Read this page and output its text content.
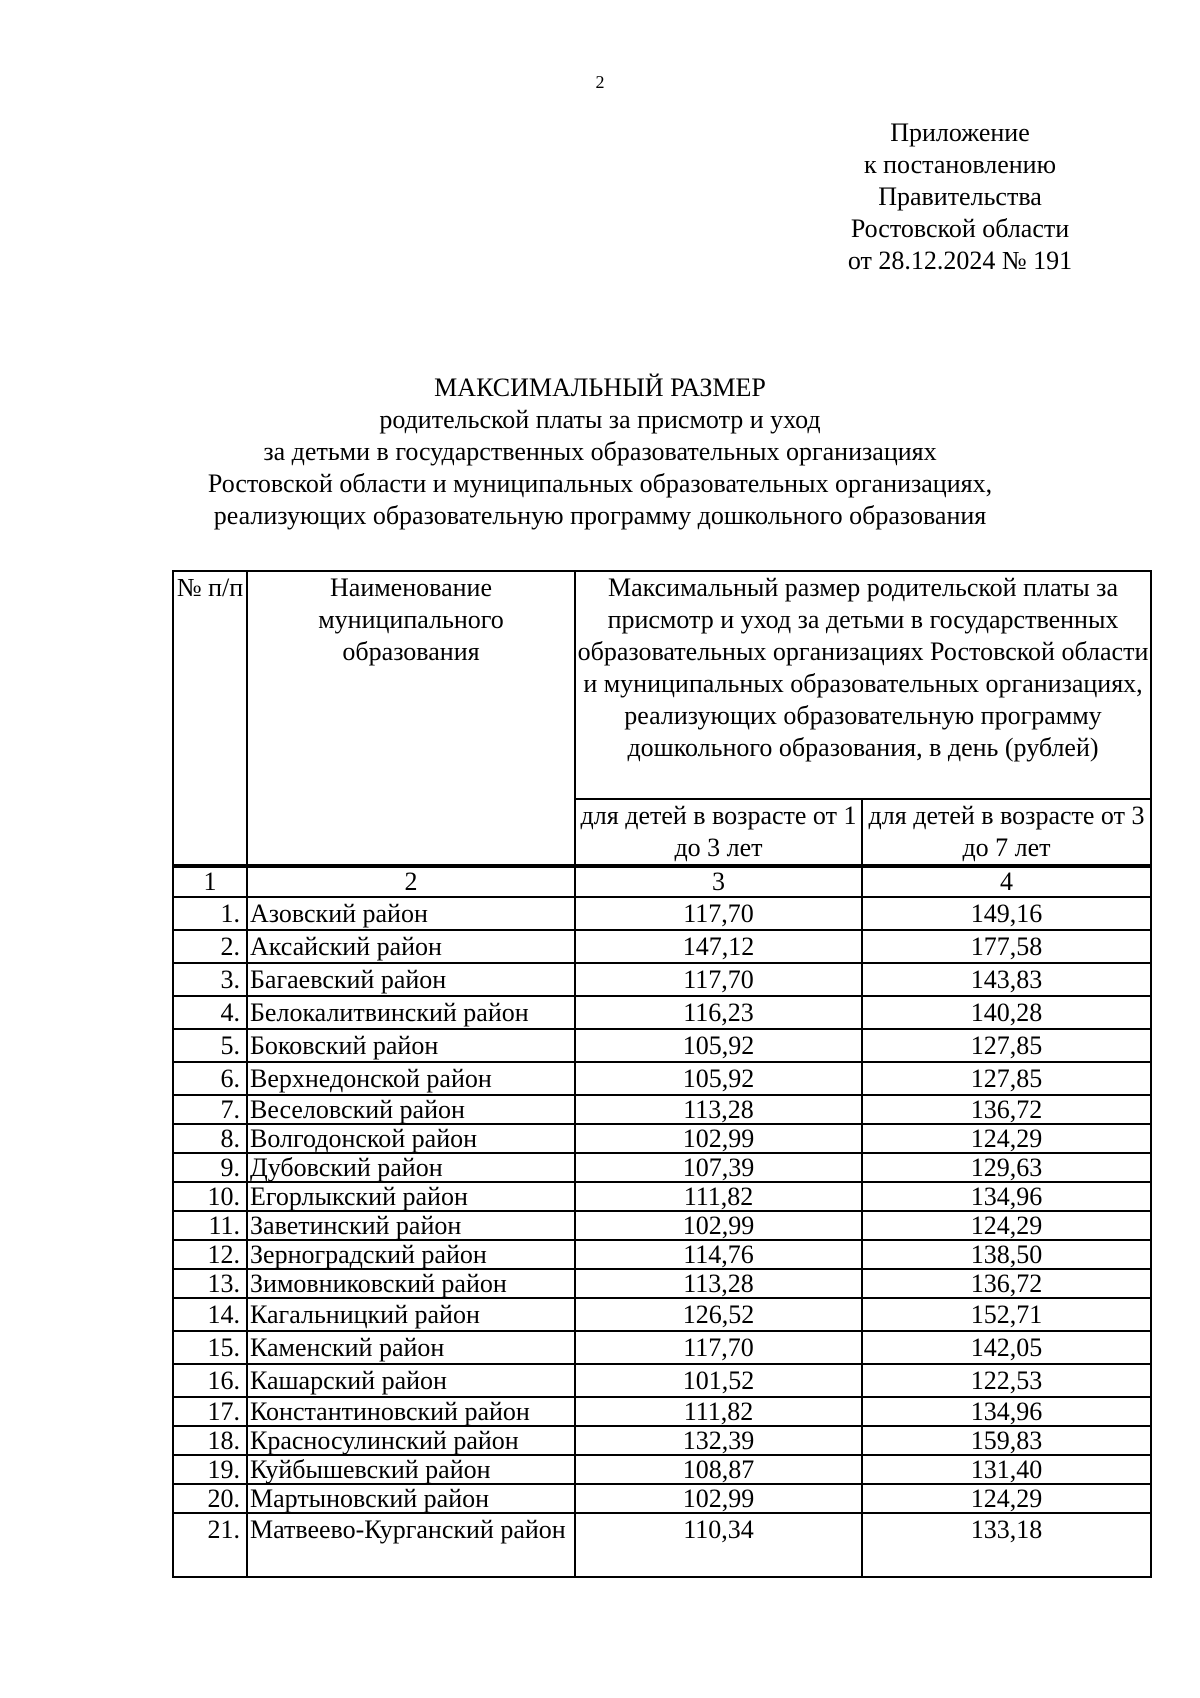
2
Приложение
к постановлению
Правительства
Ростовской области
от 28.12.2024 № 191
МАКСИМАЛЬНЫЙ РАЗМЕР
родительской платы за присмотр и уход
за детьми в государственных образовательных организациях
Ростовской области и муниципальных образовательных организациях,
реализующих образовательную программу дошкольного образования
№ п/п	Наименование муниципального образования	Максимальный размер родительской платы за присмотр и уход за детьми в государственных образовательных организациях Ростовской области и муниципальных образовательных организациях, реализующих образовательную программу дошкольного образования, в день (рублей)	
		для детей в возрасте от 1 до 3 лет	для детей в возрасте от 3 до 7 лет
1	2	3	4
1.	Азовский район	117,70	149,16
2.	Аксайский район	147,12	177,58
3.	Багаевский район	117,70	143,83
4.	Белокалитвинский район	116,23	140,28
5.	Боковский район	105,92	127,85
6.	Верхнедонской район	105,92	127,85
7.	Веселовский район	113,28	136,72
8.	Волгодонской район	102,99	124,29
9.	Дубовский район	107,39	129,63
10.	Егорлыкский район	111,82	134,96
11.	Заветинский район	102,99	124,29
12.	Зерноградский район	114,76	138,50
13.	Зимовниковский район	113,28	136,72
14.	Кагальницкий район	126,52	152,71
15.	Каменский район	117,70	142,05
16.	Кашарский район	101,52	122,53
17.	Константиновский район	111,82	134,96
18.	Красносулинский район	132,39	159,83
19.	Куйбышевский район	108,87	131,40
20.	Мартыновский район	102,99	124,29
21.	Матвеево-Курганский район	110,34	133,18
